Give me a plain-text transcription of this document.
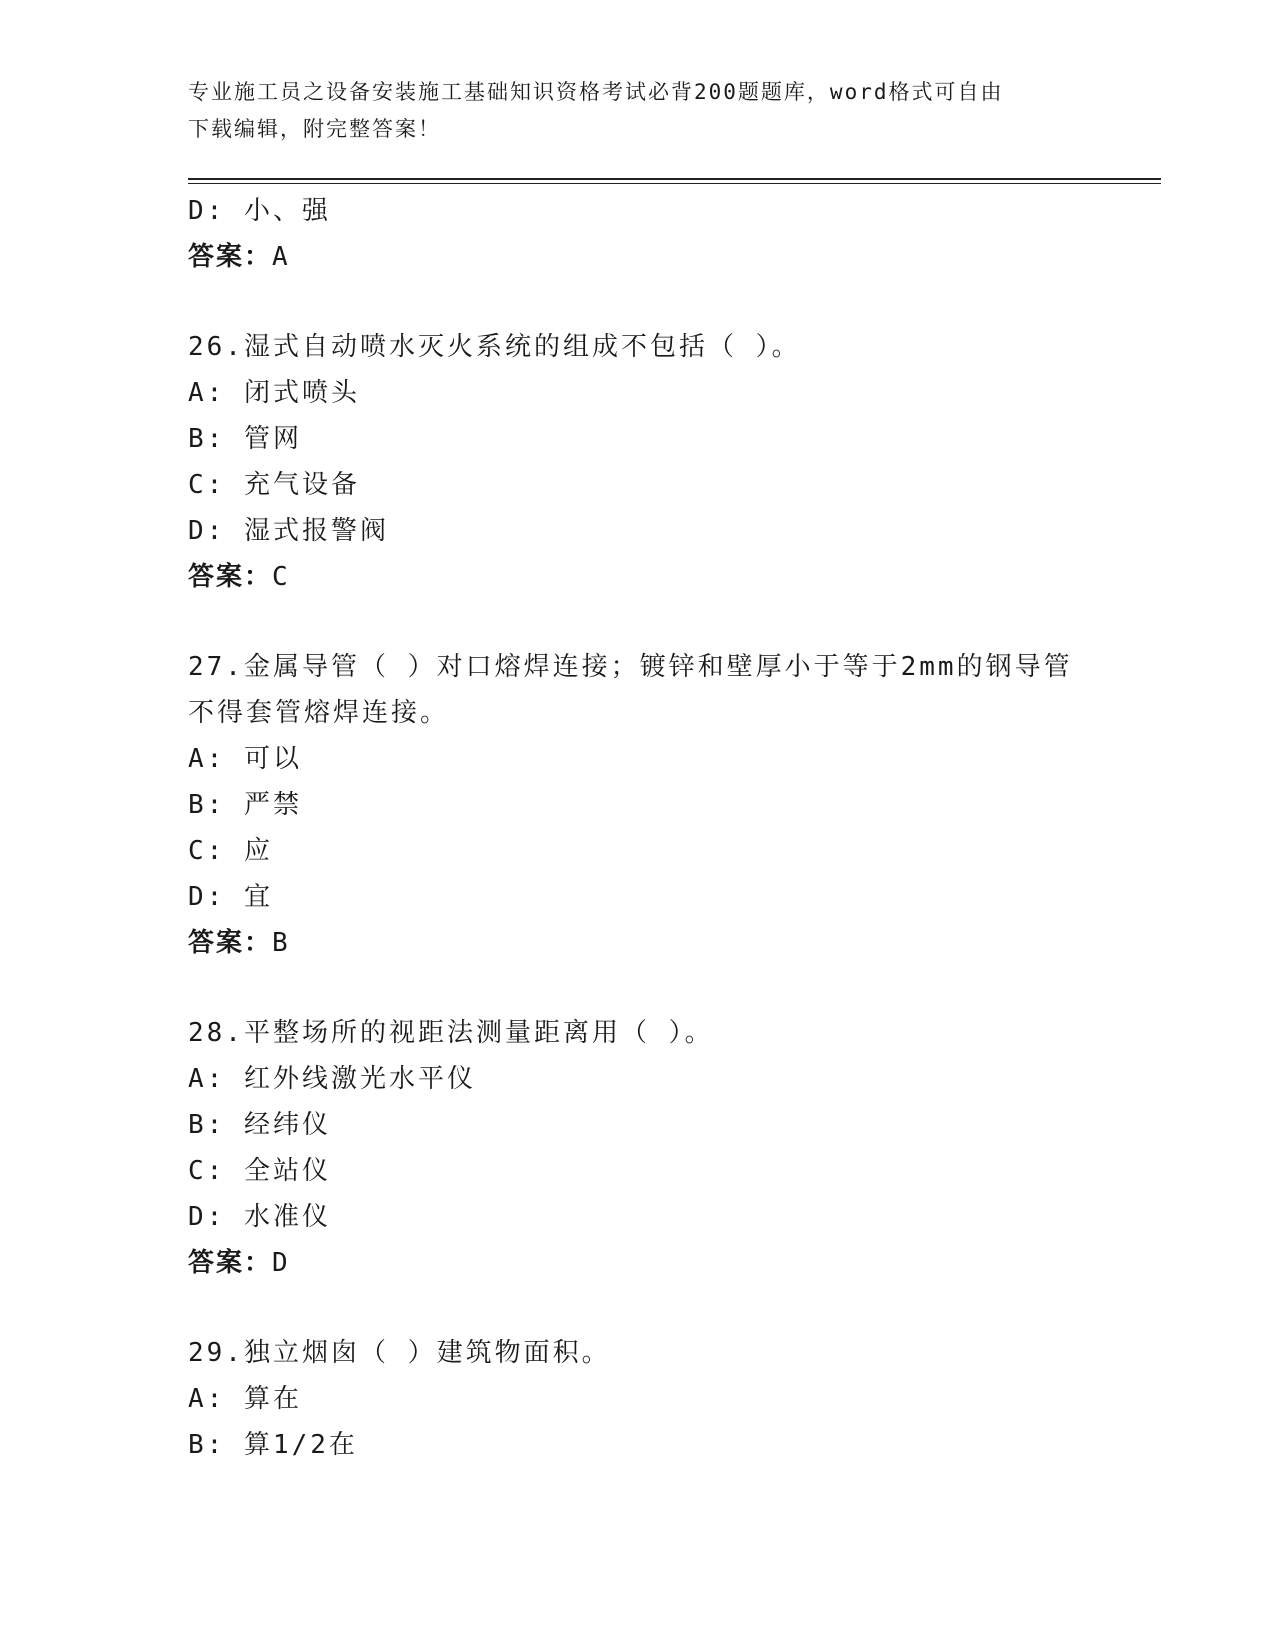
专业施工员之设备安装施工基础知识资格考试必背200题题库，word格式可自由
下载编辑，附完整答案！
D: 小、强
答案：A
26.湿式自动喷水灭火系统的组成不包括（ ）。
A: 闭式喷头
B: 管网
C: 充气设备
D: 湿式报警阀
答案：C
27.金属导管（ ）对口熔焊连接；镀锌和壁厚小于等于2mm的钢导管
不得套管熔焊连接。
A: 可以
B: 严禁
C: 应
D: 宜
答案：B
28.平整场所的视距法测量距离用（ ）。
A: 红外线激光水平仪
B: 经纬仪
C: 全站仪
D: 水准仪
答案：D
29.独立烟囱（ ）建筑物面积。
A: 算在
B: 算1/2在
